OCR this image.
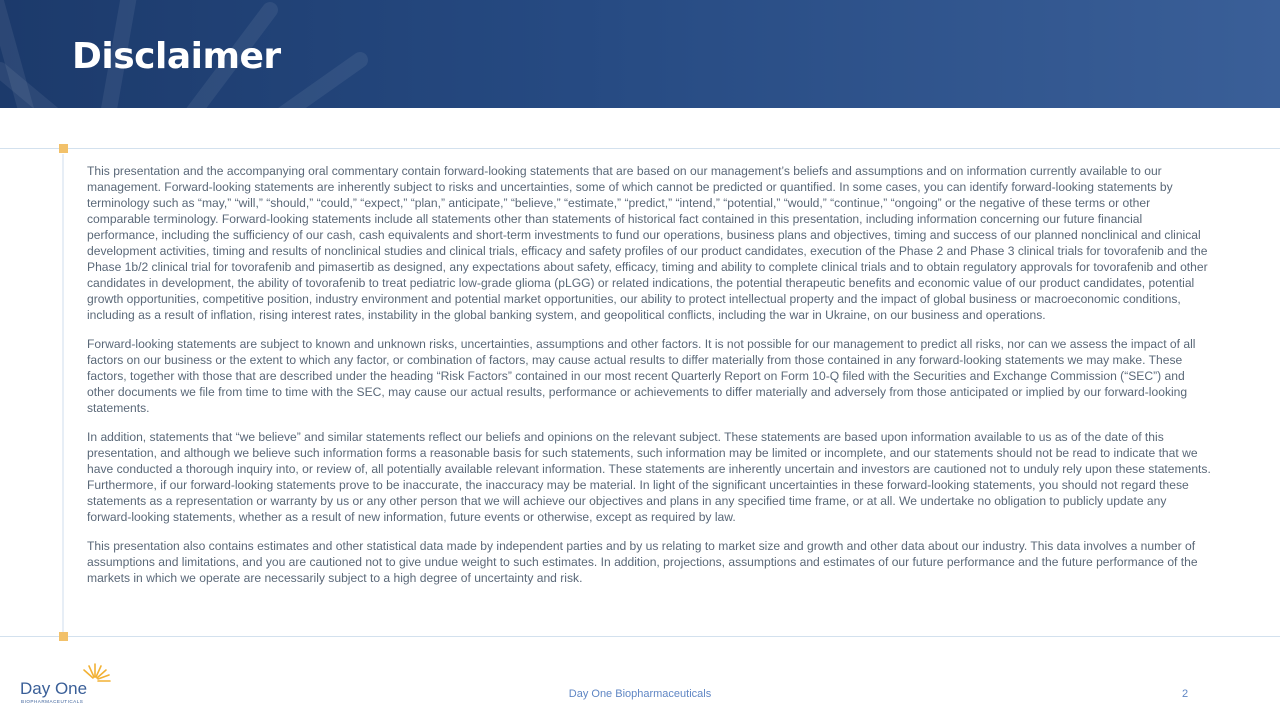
Disclaimer

This presentation and the accompanying oral commentary contain forward-looking statements that are based on our management’s beliefs and assumptions and on information currently available to our management. Forward-looking statements are inherently subject to risks and uncertainties, some of which cannot be predicted or quantified. In some cases, you can identify forward-looking statements by terminology such as “may,” “will,” “should,” “could,” “expect,” “plan,” anticipate,” “believe,” “estimate,” “predict,” “intend,” “potential,” “would,” “continue,” “ongoing” or the negative of these terms or other comparable terminology. Forward-looking statements include all statements other than statements of historical fact contained in this presentation, including information concerning our future financial performance, including the sufficiency of our cash, cash equivalents and short-term investments to fund our operations, business plans and objectives, timing and success of our planned nonclinical and clinical development activities, timing and results of nonclinical studies and clinical trials, efficacy and safety profiles of our product candidates, execution of the Phase 2 and Phase 3 clinical trials for tovorafenib and the Phase 1b/2 clinical trial for tovorafenib and pimasertib as designed, any expectations about safety, efficacy, timing and ability to complete clinical trials and to obtain regulatory approvals for tovorafenib and other candidates in development, the ability of tovorafenib to treat pediatric low-grade glioma (pLGG) or related indications, the potential therapeutic benefits and economic value of our product candidates, potential growth opportunities, competitive position, industry environment and potential market opportunities, our ability to protect intellectual property and the impact of global business or macroeconomic conditions, including as a result of inflation, rising interest rates, instability in the global banking system, and geopolitical conflicts, including the war in Ukraine, on our business and operations.

Forward-looking statements are subject to known and unknown risks, uncertainties, assumptions and other factors. It is not possible for our management to predict all risks, nor can we assess the impact of all factors on our business or the extent to which any factor, or combination of factors, may cause actual results to differ materially from those contained in any forward-looking statements we may make. These factors, together with those that are described under the heading “Risk Factors” contained in our most recent Quarterly Report on Form 10-Q filed with the Securities and Exchange Commission (“SEC”) and other documents we file from time to time with the SEC, may cause our actual results, performance or achievements to differ materially and adversely from those anticipated or implied by our forward-looking statements.

In addition, statements that “we believe” and similar statements reflect our beliefs and opinions on the relevant subject. These statements are based upon information available to us as of the date of this presentation, and although we believe such information forms a reasonable basis for such statements, such information may be limited or incomplete, and our statements should not be read to indicate that we have conducted a thorough inquiry into, or review of, all potentially available relevant information. These statements are inherently uncertain and investors are cautioned not to unduly rely upon these statements. Furthermore, if our forward-looking statements prove to be inaccurate, the inaccuracy may be material. In light of the significant uncertainties in these forward-looking statements, you should not regard these statements as a representation or warranty by us or any other person that we will achieve our objectives and plans in any specified time frame, or at all. We undertake no obligation to publicly update any forward-looking statements, whether as a result of new information, future events or otherwise, except as required by law.

This presentation also contains estimates and other statistical data made by independent parties and by us relating to market size and growth and other data about our industry. This data involves a number of assumptions and limitations, and you are cautioned not to give undue weight to such estimates. In addition, projections, assumptions and estimates of our future performance and the future performance of the markets in which we operate are necessarily subject to a high degree of uncertainty and risk.

Day One
BIOPHARMACEUTICALS
Day One Biopharmaceuticals	2
